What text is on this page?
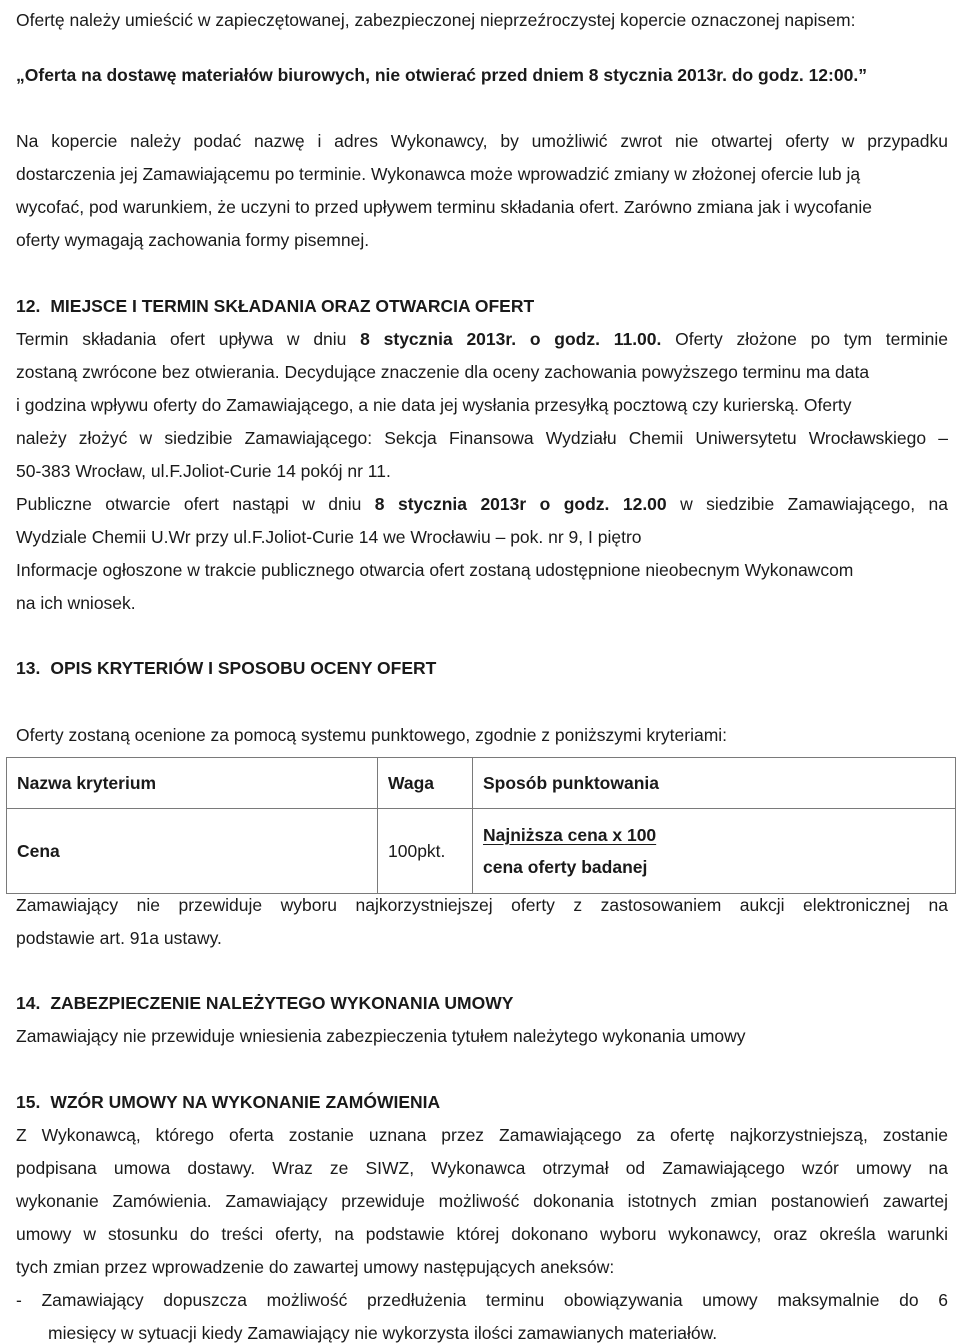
Ofertę należy umieścić w zapieczętowanej, zabezpieczonej nieprzeźroczystej kopercie oznaczonej napisem:
„Oferta na dostawę materiałów biurowych, nie otwierać przed dniem 8 stycznia 2013r. do godz. 12:00.”
Na kopercie należy podać nazwę i adres Wykonawcy, by umożliwić zwrot nie otwartej oferty w przypadku
dostarczenia jej Zamawiającemu po terminie. Wykonawca może wprowadzić zmiany w złożonej ofercie lub ją
wycofać, pod warunkiem, że uczyni to przed upływem terminu składania ofert. Zarówno zmiana jak i wycofanie
oferty wymagają zachowania formy pisemnej.
12. MIEJSCE I TERMIN SKŁADANIA ORAZ OTWARCIA OFERT
Termin składania ofert upływa w dniu 8 stycznia 2013r. o godz. 11.00. Oferty złożone po tym terminie
zostaną zwrócone bez otwierania. Decydujące znaczenie dla oceny zachowania powyższego terminu ma data
i godzina wpływu oferty do Zamawiającego, a nie data jej wysłania przesyłką pocztową czy kurierską. Oferty
należy złożyć w siedzibie Zamawiającego: Sekcja Finansowa Wydziału Chemii Uniwersytetu Wrocławskiego –
50-383 Wrocław, ul.F.Joliot-Curie 14 pokój nr 11.
Publiczne otwarcie ofert nastąpi w dniu 8 stycznia 2013r o godz. 12.00 w siedzibie Zamawiającego, na
Wydziale Chemii U.Wr przy ul.F.Joliot-Curie 14 we Wrocławiu – pok. nr 9, I piętro
Informacje ogłoszone w trakcie publicznego otwarcia ofert zostaną udostępnione nieobecnym Wykonawcom
na ich wniosek.
13. OPIS KRYTERIÓW I SPOSOBU OCENY OFERT
Oferty zostaną ocenione za pomocą systemu punktowego, zgodnie z poniższymi kryteriami:
Nazwa kryterium	Waga	Sposób punktowania
Cena	100pkt.	$\frac{\text{Najniższa cena x 100}}{\text{cena oferty badanej}}$
Zamawiający nie przewiduje wyboru najkorzystniejszej oferty z zastosowaniem aukcji elektronicznej na
podstawie art. 91a ustawy.
14. ZABEZPIECZENIE NALEŻYTEGO WYKONANIA UMOWY
Zamawiający nie przewiduje wniesienia zabezpieczenia tytułem należytego wykonania umowy
15. WZÓR UMOWY NA WYKONANIE ZAMÓWIENIA
Z Wykonawcą, którego oferta zostanie uznana przez Zamawiającego za ofertę najkorzystniejszą, zostanie
podpisana umowa dostawy. Wraz ze SIWZ, Wykonawca otrzymał od Zamawiającego wzór umowy na
wykonanie Zamówienia. Zamawiający przewiduje możliwość dokonania istotnych zmian postanowień zawartej
umowy w stosunku do treści oferty, na podstawie której dokonano wyboru wykonawcy, oraz określa warunki
tych zmian przez wprowadzenie do zawartej umowy następujących aneksów:
- Zamawiający dopuszcza możliwość przedłużenia terminu obowiązywania umowy maksymalnie do 6
miesięcy w sytuacji kiedy Zamawiający nie wykorzysta ilości zamawianych materiałów.
